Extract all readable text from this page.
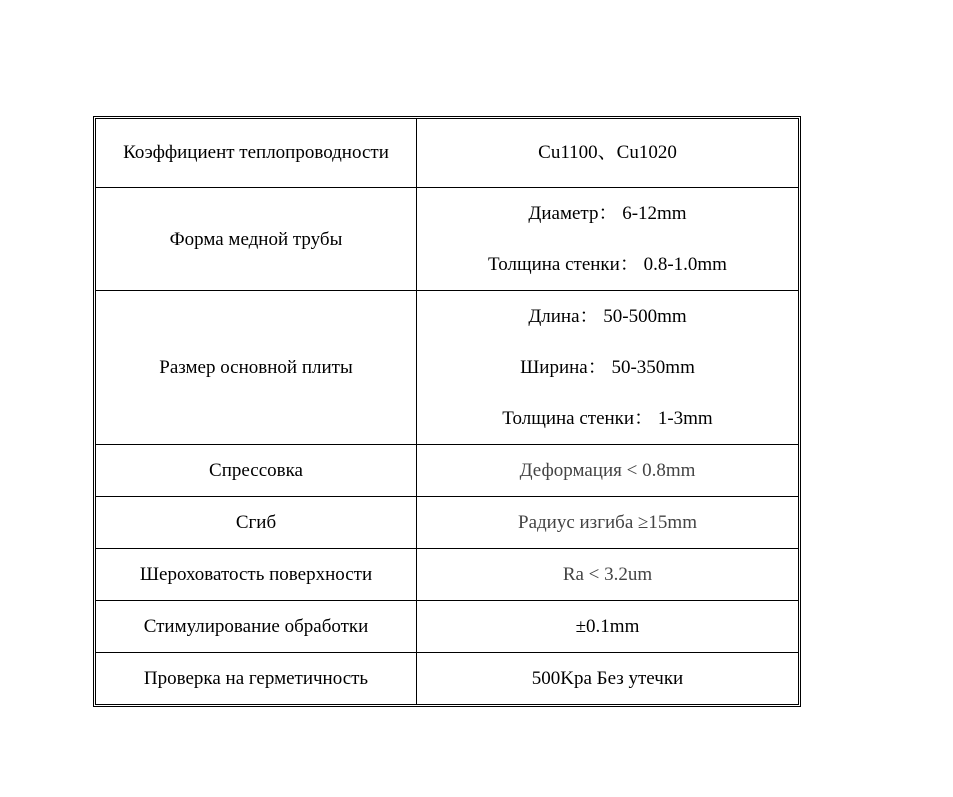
Коэффициент теплопроводности	Cu1100、Cu1020

Форма медной трубы	Диаметр： 6-12mm
Толщина стенки： 0.8-1.0mm

Размер основной плиты	Длина： 50-500mm
Ширина： 50-350mm
Толщина стенки： 1-3mm

Спрессовка	Деформация < 0.8mm

Сгиб	Радиус изгиба ≥15mm

Шероховатость поверхности	Ra < 3.2um

Стимулирование обработки	±0.1mm

Проверка на герметичность	500Kpa Без утечки
